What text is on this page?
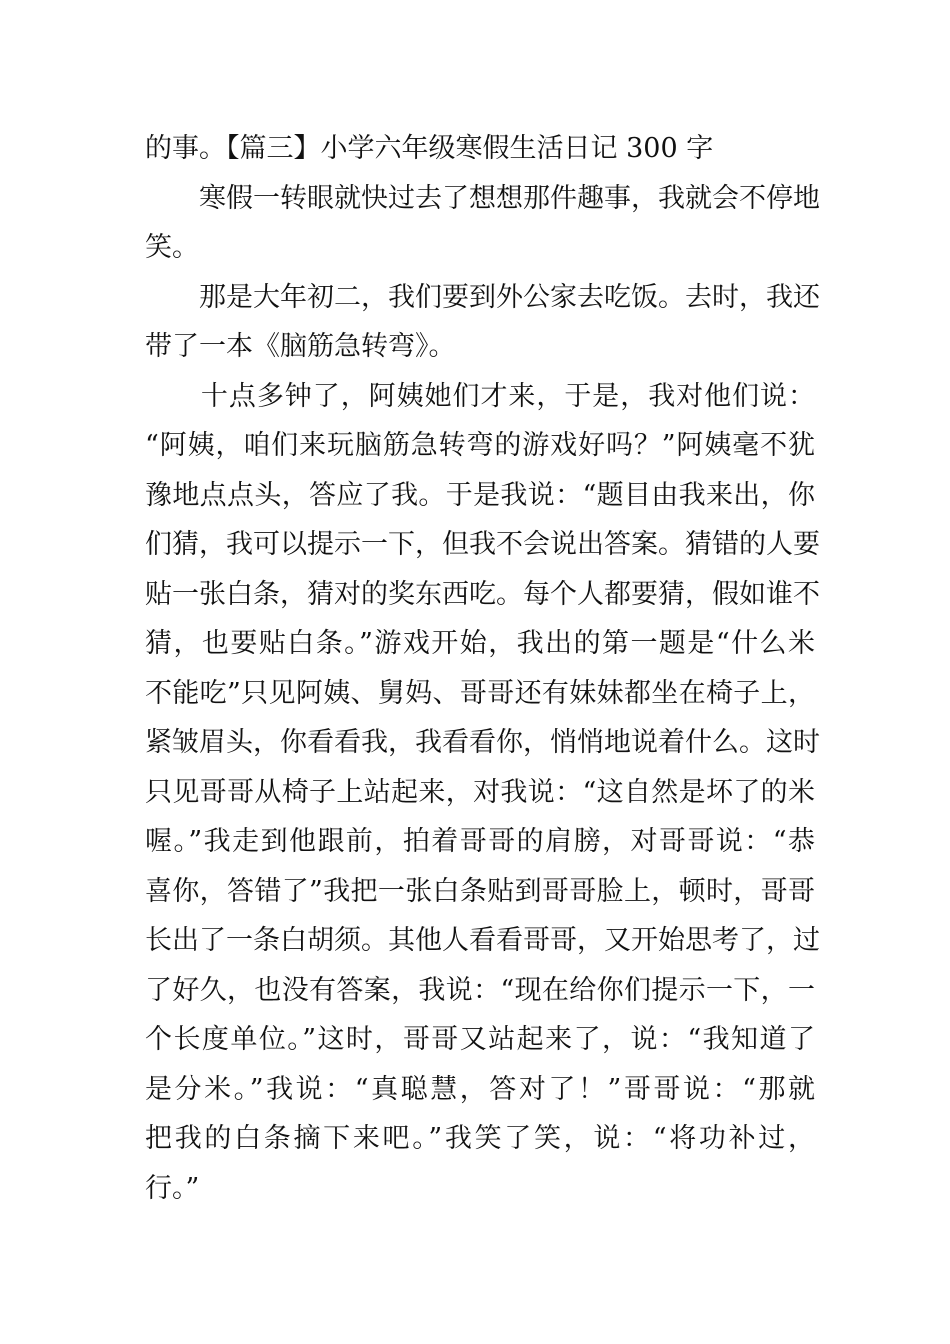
的事。【篇三】小学六年级寒假生活日记 300 字
　　寒假一转眼就快过去了想想那件趣事，我就会不停地
笑。
　　那是大年初二，我们要到外公家去吃饭。去时，我还
带了一本《脑筋急转弯》。
　　十点多钟了，阿姨她们才来，于是，我对他们说：
“阿姨，咱们来玩脑筋急转弯的游戏好吗？”阿姨毫不犹
豫地点点头，答应了我。于是我说：“题目由我来出，你
们猜，我可以提示一下，但我不会说出答案。猜错的人要
贴一张白条，猜对的奖东西吃。每个人都要猜，假如谁不
猜，也要贴白条。”游戏开始，我出的第一题是“什么米
不能吃”只见阿姨、舅妈、哥哥还有妹妹都坐在椅子上，
紧皱眉头，你看看我，我看看你，悄悄地说着什么。这时
只见哥哥从椅子上站起来，对我说：“这自然是坏了的米
喔。”我走到他跟前，拍着哥哥的肩膀，对哥哥说：“恭
喜你，答错了”我把一张白条贴到哥哥脸上，顿时，哥哥
长出了一条白胡须。其他人看看哥哥，又开始思考了，过
了好久，也没有答案，我说：“现在给你们提示一下，一
个长度单位。”这时，哥哥又站起来了，说：“我知道了
是分米。”我说：“真聪慧，答对了！”哥哥说：“那就
把我的白条摘下来吧。”我笑了笑，说：“将功补过，
行。”
